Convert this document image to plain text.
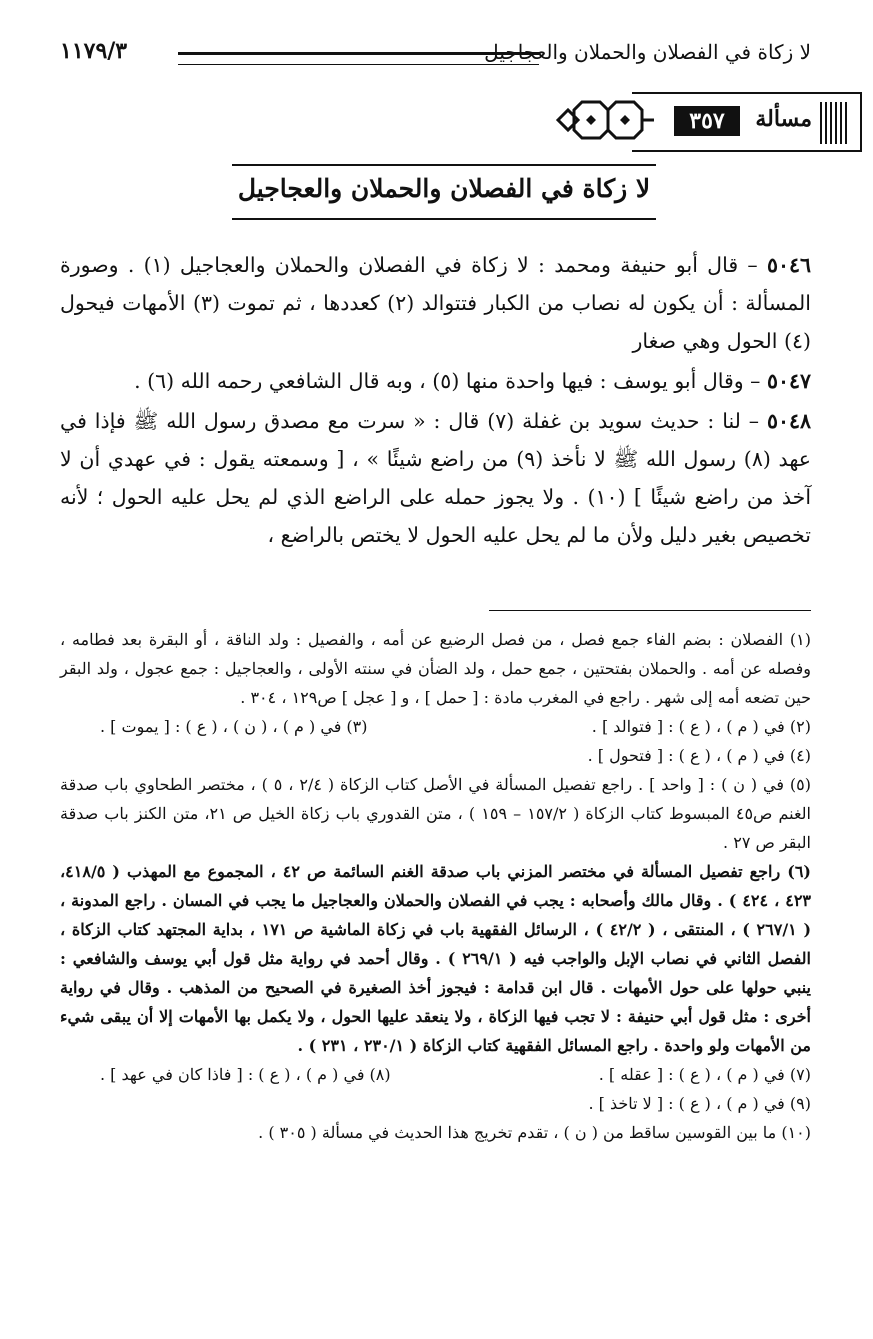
لا زكاة في الفصلان والحملان والعجاجيل
١١٧٩/٣
مسألة
٣٥٧
لا زكاة في الفصلان والحملان والعجاجيل

٥٠٤٦ – قال أبو حنيفة ومحمد : لا زكاة في الفصلان والحملان والعجاجيل (١) . وصورة المسألة : أن يكون له نصاب من الكبار فتتوالد (٢) كعددها ، ثم تموت (٣) الأمهات فيحول (٤) الحول وهي صغار

٥٠٤٧ – وقال أبو يوسف : فيها واحدة منها (٥) ، وبه قال الشافعي رحمه الله (٦) .

٥٠٤٨ – لنا : حديث سويد بن غفلة (٧) قال : « سرت مع مصدق رسول الله ﷺ فإذا في عهد (٨) رسول الله ﷺ لا نأخذ (٩) من راضع شيئًا » ، [ وسمعته يقول : في عهدي أن لا آخذ من راضع شيئًا ] (١٠) . ولا يجوز حمله على الراضع الذي لم يحل عليه الحول ؛ لأنه تخصيص بغير دليل ولأن ما لم يحل عليه الحول لا يختص بالراضع ،

(١) الفصلان : بضم الفاء جمع فصل ، من فصل الرضيع عن أمه ، والفصيل : ولد الناقة ، أو البقرة بعد فطامه ، وفصله عن أمه . والحملان بفتحتين ، جمع حمل ، ولد الضأن في سنته الأولى ، والعجاجيل : جمع عجول ، ولد البقر حين تضعه أمه إلى شهر . راجع في المغرب مادة : [ حمل ] ، و [ عجل ] ص١٢٩ ، ٣٠٤ .

(٢) في ( م ) ، ( ع ) : [ فتوالد ] .
(٣) في ( م ) ، ( ن ) ، ( ع ) : [ يموت ] .

(٤) في ( م ) ، ( ع ) : [ فتحول ] .

(٥) في ( ن ) : [ واحد ] . راجع تفصيل المسألة في الأصل كتاب الزكاة ( ٢/٤ ، ٥ ) ، مختصر الطحاوي باب صدقة الغنم ص٤٥ المبسوط كتاب الزكاة ( ١٥٧/٢ – ١٥٩ ) ، متن القدوري باب زكاة الخيل ص ٢١، متن الكنز باب صدقة البقر ص ٢٧ .

(٦) راجع تفصيل المسألة في مختصر المزني باب صدقة الغنم السائمة ص ٤٢ ، المجموع مع المهذب ( ٤١٨/٥، ٤٢٣ ، ٤٢٤ ) . وقال مالك وأصحابه : يجب في الفصلان والحملان والعجاجيل ما يجب في المسان . راجع المدونة ، ( ٢٦٧/١ ) ، المنتقى ، ( ٤٢/٢ ) ، الرسائل الفقهية باب في زكاة الماشية ص ١٧١ ، بداية المجتهد كتاب الزكاة ، الفصل الثاني في نصاب الإبل والواجب فيه ( ٢٦٩/١ ) . وقال أحمد في رواية مثل قول أبي يوسف والشافعي : ينبي حولها على حول الأمهات . قال ابن قدامة : فيجوز أخذ الصغيرة في الصحيح من المذهب . وقال في رواية أخرى : مثل قول أبي حنيفة : لا تجب فيها الزكاة ، ولا ينعقد عليها الحول ، ولا يكمل بها الأمهات إلا أن يبقى شيء من الأمهات ولو واحدة . راجع المسائل الفقهية كتاب الزكاة ( ٢٣٠/١ ، ٢٣١ ) .

(٧) في ( م ) ، ( ع ) : [ عقله ] .
(٨) في ( م ) ، ( ع ) : [ فاذا كان في عهد ] .

(٩) في ( م ) ، ( ع ) : [ لا تاخذ ] .

(١٠) ما بين القوسين ساقط من ( ن ) ، تقدم تخريج هذا الحديث في مسألة ( ٣٠٥ ) .
